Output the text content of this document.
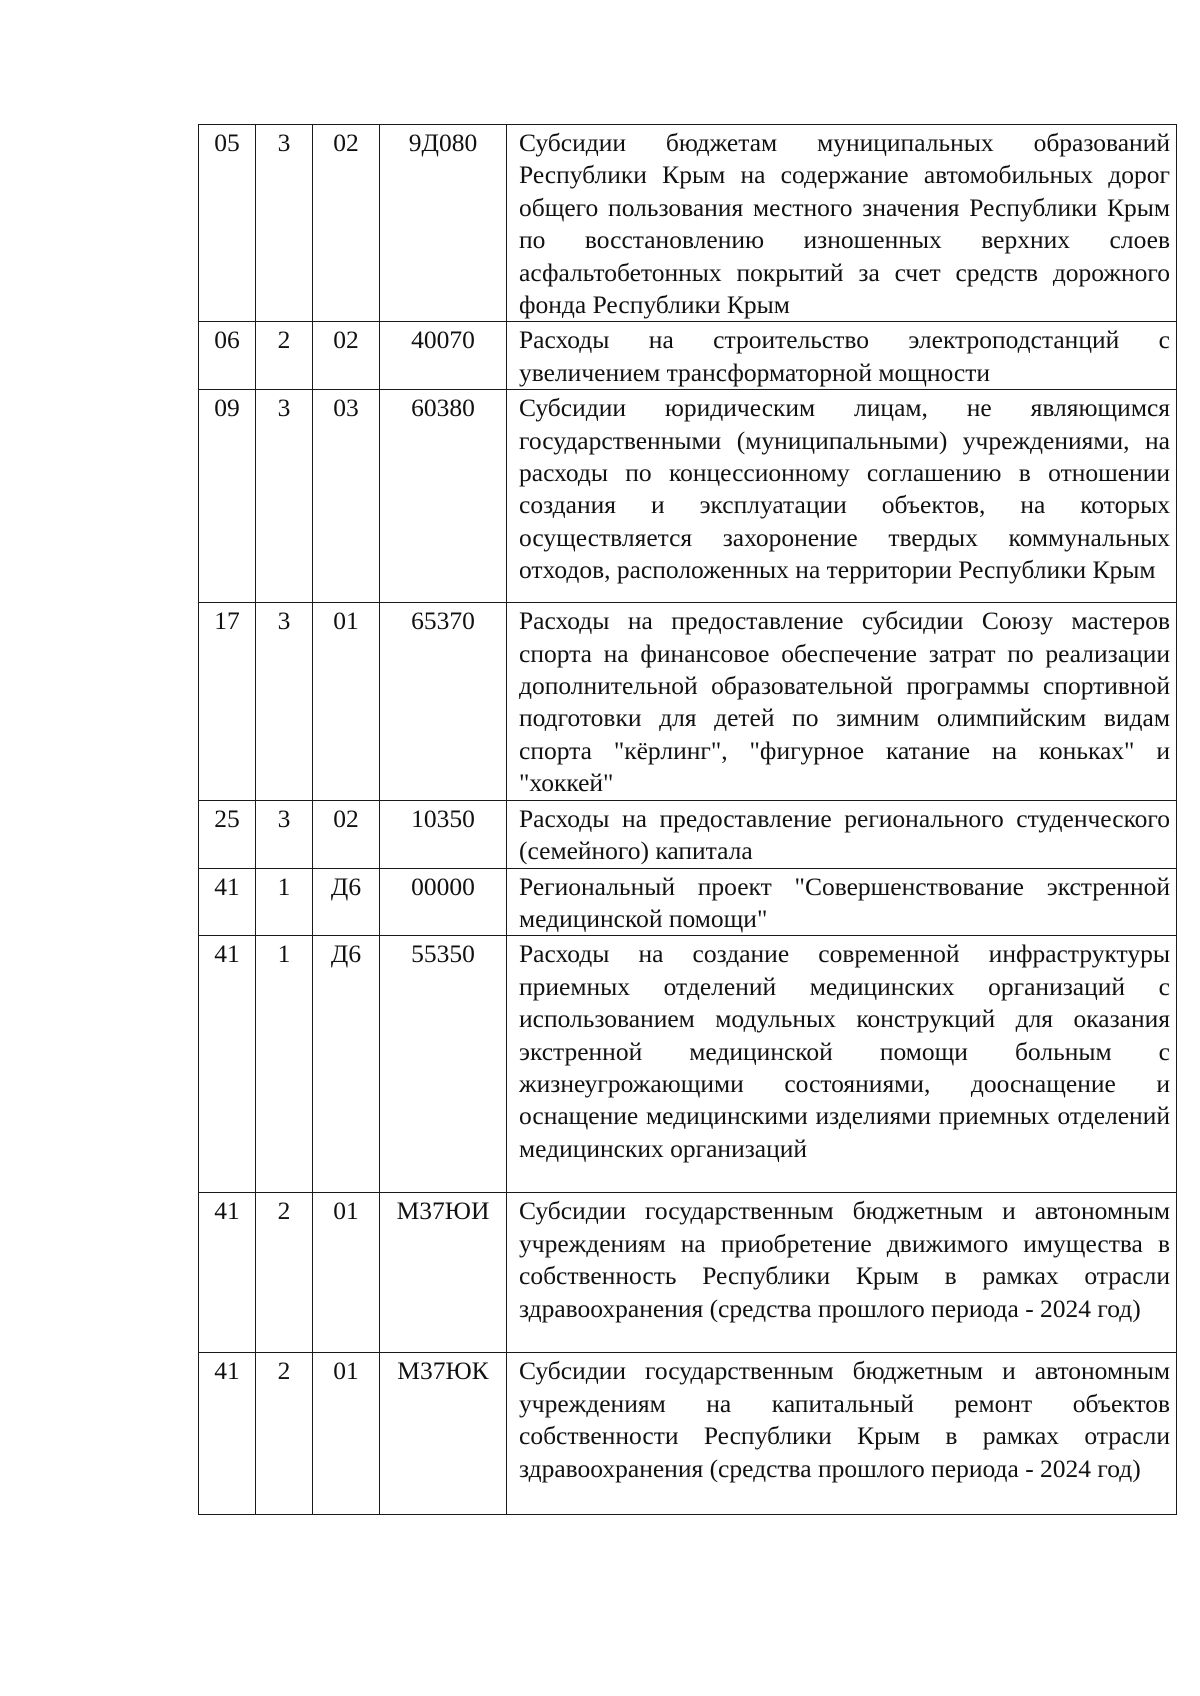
05	3	02	9Д080	Субсидии бюджетам муниципальных образований Республики Крым на содержание автомобильных дорог общего пользования местного значения Республики Крым по восстановлению изношенных верхних слоев асфальтобетонных покрытий за счет средств дорожного фонда Республики Крым
06	2	02	40070	Расходы на строительство электроподстанций с увеличением трансформаторной мощности
09	3	03	60380	Субсидии юридическим лицам, не являющимся государственными (муниципальными) учреждениями, на расходы по концессионному соглашению в отношении создания и эксплуатации объектов, на которых осуществляется захоронение твердых коммунальных отходов, расположенных на территории Республики Крым
17	3	01	65370	Расходы на предоставление субсидии Союзу мастеров спорта на финансовое обеспечение затрат по реализации дополнительной образовательной программы спортивной подготовки для детей по зимним олимпийским видам спорта "кёрлинг", "фигурное катание на коньках" и "хоккей"
25	3	02	10350	Расходы на предоставление регионального студенческого (семейного) капитала
41	1	Д6	00000	Региональный проект "Совершенствование экстренной медицинской помощи"
41	1	Д6	55350	Расходы на создание современной инфраструктуры приемных отделений медицинских организаций с использованием модульных конструкций для оказания экстренной медицинской помощи больным с жизнеугрожающими состояниями, дооснащение и оснащение медицинскими изделиями приемных отделений медицинских организаций
41	2	01	М37ЮИ	Субсидии государственным бюджетным и автономным учреждениям на приобретение движимого имущества в собственность Республики Крым в рамках отрасли здравоохранения (средства прошлого периода - 2024 год)
41	2	01	М37ЮК	Субсидии государственным бюджетным и автономным учреждениям на капитальный ремонт объектов собственности Республики Крым в рамках отрасли здравоохранения (средства прошлого периода - 2024 год)
